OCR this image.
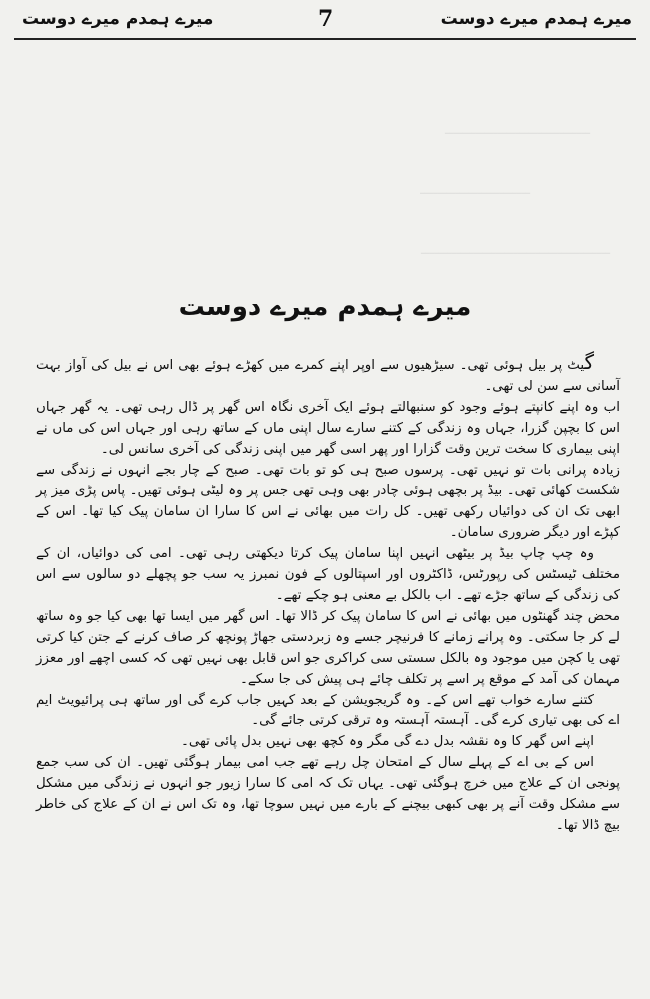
میرے ہمدم میرے دوست
7
میرے ہمدم میرے دوست
ـــــــــــــــــــــــــــــــــ
ـــــــــــــــــــــــــ
ـــــــــــــــــــــــــــــــــــــــــــ
میرے ہمدم میرے دوست

گیٹ پر بیل ہوئی تھی۔ سیڑھیوں سے اوپر اپنے کمرے میں کھڑے ہوئے بھی اس نے بیل کی آواز بہت آسانی سے سن لی تھی۔

اب وہ اپنے کانپتے ہوئے وجود کو سنبھالتے ہوئے ایک آخری نگاہ اس گھر پر ڈال رہی تھی۔ یہ گھر جہاں اس کا بچپن گزرا، جہاں وہ زندگی کے کتنے سارے سال اپنی ماں کے ساتھ رہی اور جہاں اس کی ماں نے اپنی بیماری کا سخت ترین وقت گزارا اور پھر اسی گھر میں اپنی زندگی کی آخری سانس لی۔

زیادہ پرانی بات تو نہیں تھی۔ پرسوں صبح ہی کو تو بات تھی۔ صبح کے چار بجے انہوں نے زندگی سے شکست کھائی تھی۔ بیڈ پر بچھی ہوئی چادر بھی وہی تھی جس پر وہ لیٹی ہوئی تھیں۔ پاس پڑی میز پر ابھی تک ان کی دوائیاں رکھی تھیں۔ کل رات میں بھائی نے اس کا سارا ان سامان پیک کیا تھا۔ اس کے کپڑے اور دیگر ضروری سامان۔

وہ چپ چاپ بیڈ پر بیٹھی انہیں اپنا سامان پیک کرتا دیکھتی رہی تھی۔ امی کی دوائیاں، ان کے مختلف ٹیسٹس کی رپورٹس، ڈاکٹروں اور اسپتالوں کے فون نمبرز یہ سب جو پچھلے دو سالوں سے اس کی زندگی کے ساتھ جڑے تھے۔ اب بالکل بے معنی ہو چکے تھے۔

محض چند گھنٹوں میں بھائی نے اس کا سامان پیک کر ڈالا تھا۔ اس گھر میں ایسا تھا بھی کیا جو وہ ساتھ لے کر جا سکتی۔ وہ پرانے زمانے کا فرنیچر جسے وہ زبردستی جھاڑ پونچھ کر صاف کرنے کے جتن کیا کرتی تھی یا کچن میں موجود وہ بالکل سستی سی کراکری جو اس قابل بھی نہیں تھی کہ کسی اچھے اور معزز مہمان کی آمد کے موقع پر اسے پر تکلف چائے ہی پیش کی جا سکے۔

کتنے سارے خواب تھے اس کے۔ وہ گریجویشن کے بعد کہیں جاب کرے گی اور ساتھ ہی پرائیویٹ ایم اے کی بھی تیاری کرے گی۔ آہستہ آہستہ وہ ترقی کرتی جائے گی۔

اپنے اس گھر کا وہ نقشہ بدل دے گی مگر وہ کچھ بھی نہیں بدل پائی تھی۔

اس کے بی اے کے پہلے سال کے امتحان چل رہے تھے جب امی بیمار ہوگئی تھیں۔ ان کی سب جمع پونجی ان کے علاج میں خرچ ہوگئی تھی۔ یہاں تک کہ امی کا سارا زیور جو انہوں نے زندگی میں مشکل سے مشکل وقت آنے پر بھی کبھی بیچنے کے بارے میں نہیں سوچا تھا، وہ تک اس نے ان کے علاج کی خاطر بیچ ڈالا تھا۔
